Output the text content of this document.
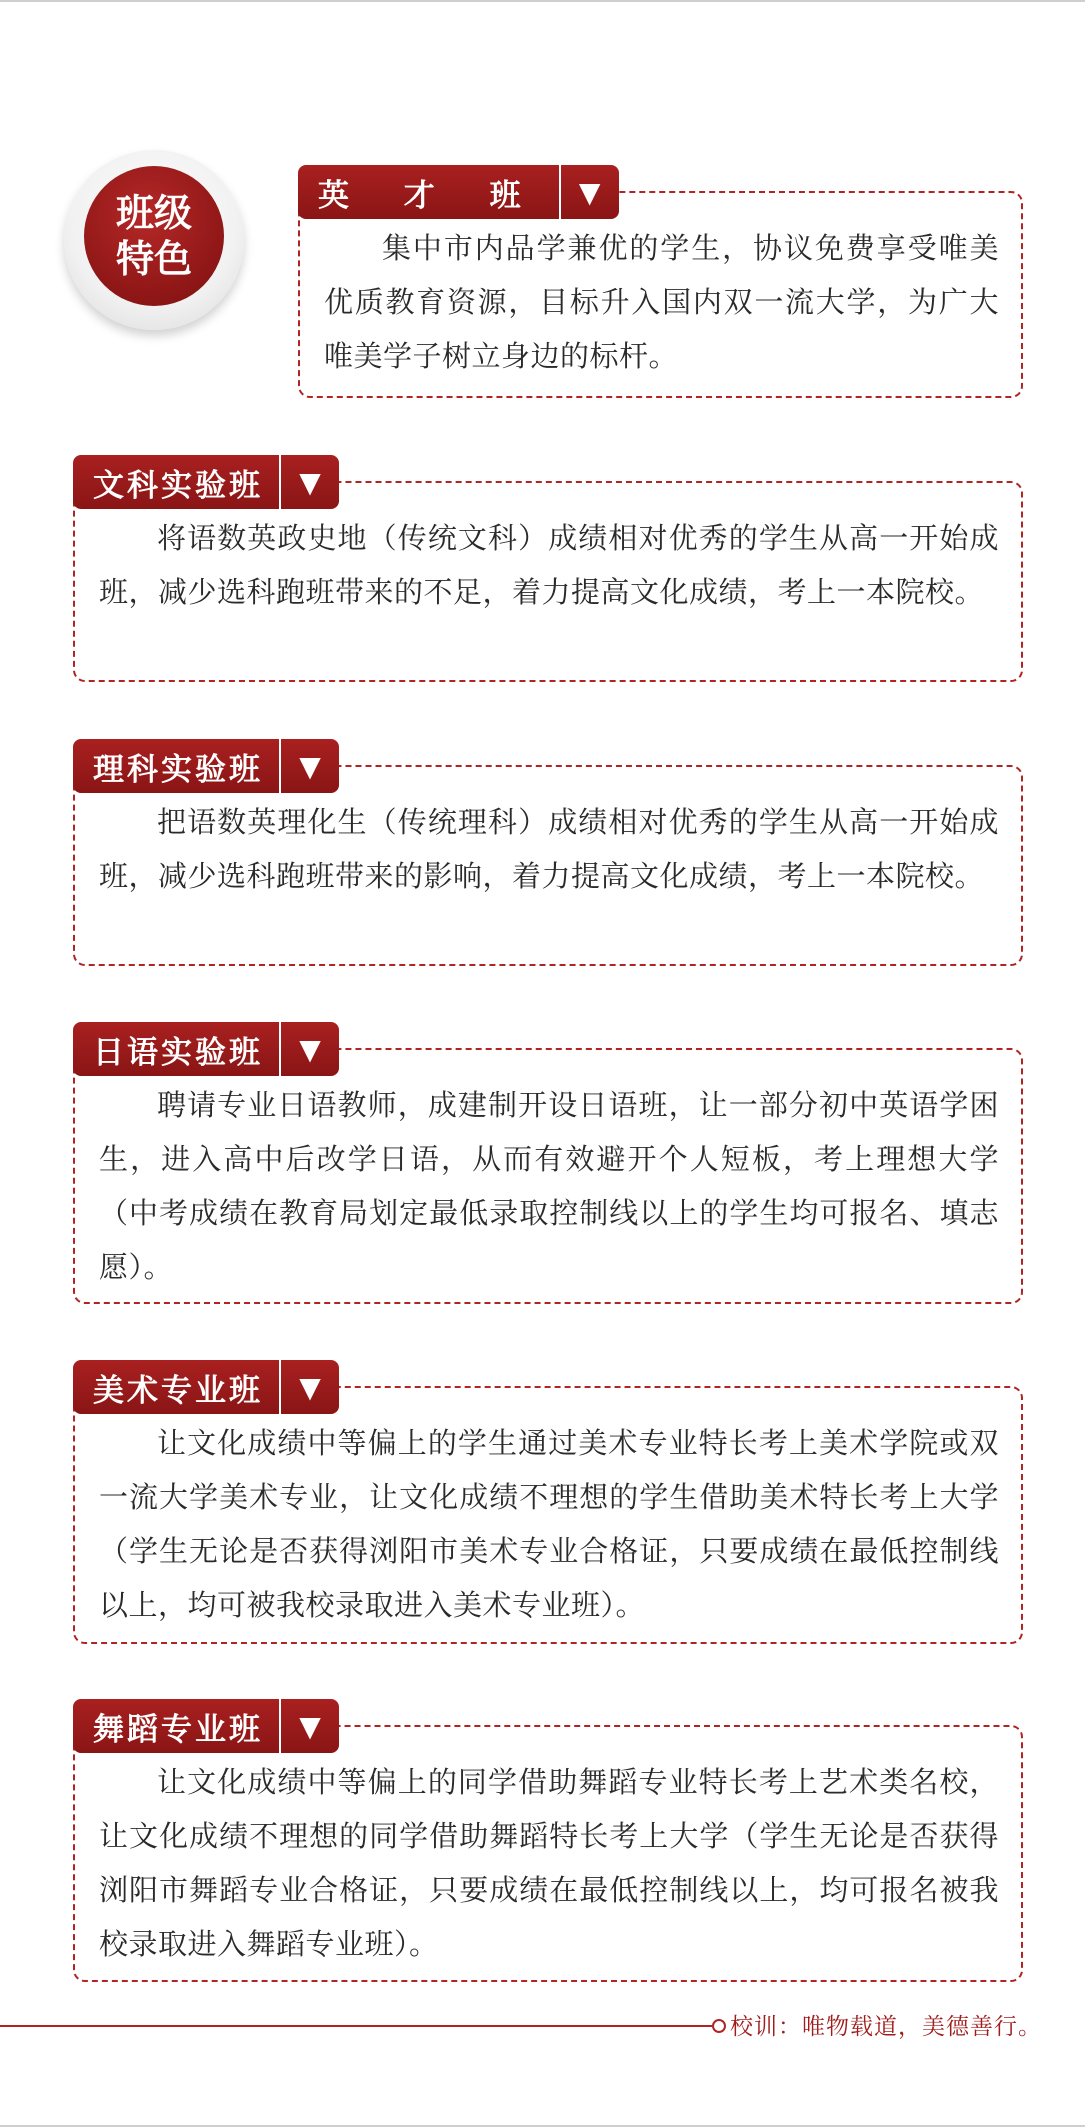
班级
特色	集中市内品学兼优的学生，协议免费享受唯美优质教育资源，目标升入国内双一流大学，为广大唯美学子树立身边的标杆。

英 才 班	▼

将语数英政史地（传统文科）成绩相对优秀的学生从高一开始成班，减少选科跑班带来的不足，着力提高文化成绩，考上一本院校。

文科实验班	▼

把语数英理化生（传统理科）成绩相对优秀的学生从高一开始成班，减少选科跑班带来的影响，着力提高文化成绩，考上一本院校。

理科实验班	▼

聘请专业日语教师，成建制开设日语班，让一部分初中英语学困生，进入高中后改学日语，从而有效避开个人短板，考上理想大学（中考成绩在教育局划定最低录取控制线以上的学生均可报名、填志愿）。

日语实验班	▼

让文化成绩中等偏上的学生通过美术专业特长考上美术学院或双一流大学美术专业，让文化成绩不理想的学生借助美术特长考上大学（学生无论是否获得浏阳市美术专业合格证，只要成绩在最低控制线以上，均可被我校录取进入美术专业班）。

美术专业班	▼

让文化成绩中等偏上的同学借助舞蹈专业特长考上艺术类名校，让文化成绩不理想的同学借助舞蹈特长考上大学（学生无论是否获得浏阳市舞蹈专业合格证，只要成绩在最低控制线以上，均可报名被我校录取进入舞蹈专业班）。

舞蹈专业班	▼
校训：唯物载道，美德善行。
